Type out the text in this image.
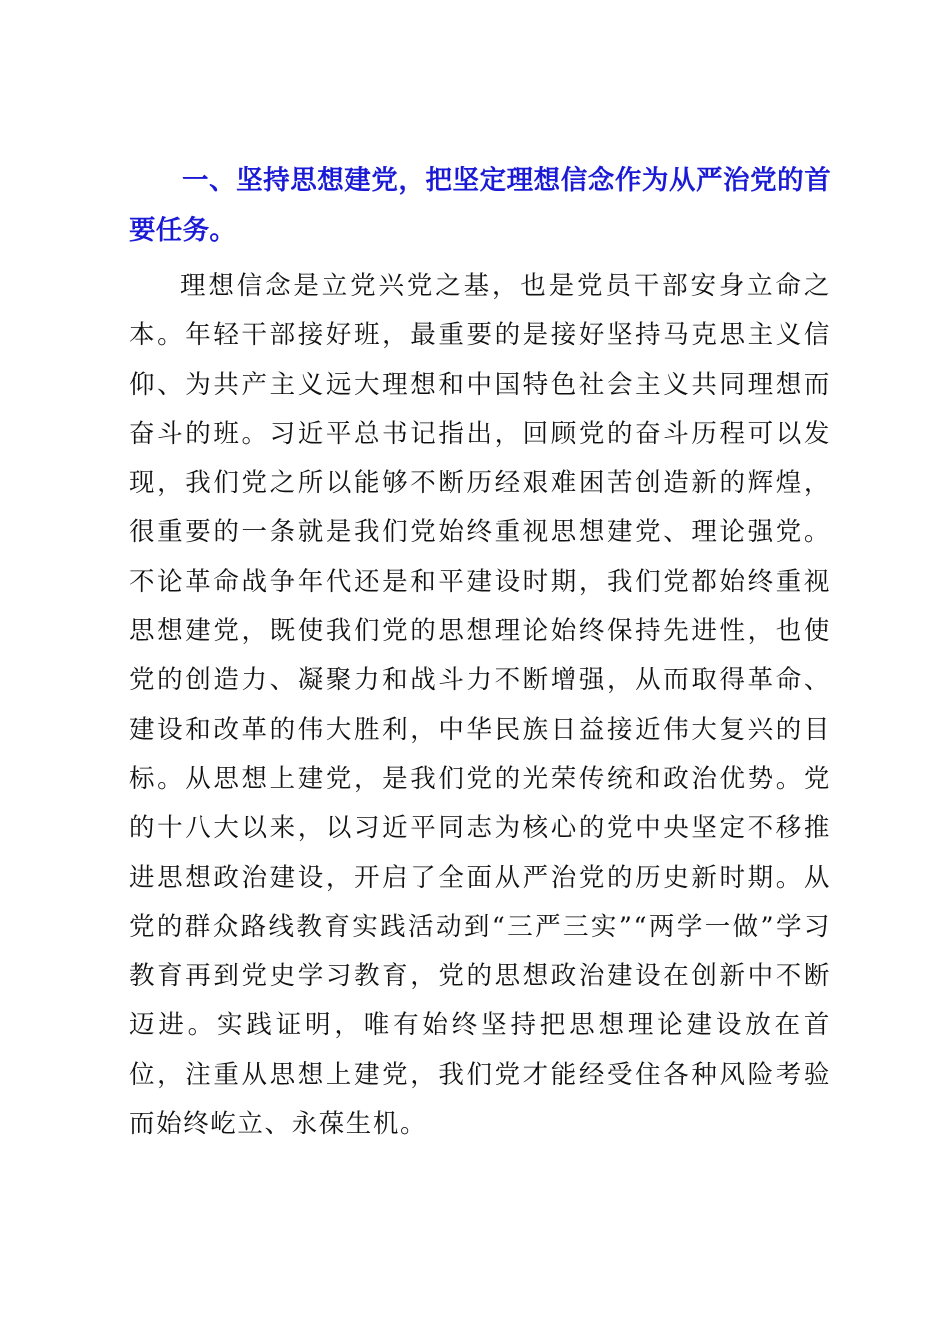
一、坚持思想建党，把坚定理想信念作为从严治党的首要任务。

理想信念是立党兴党之基，也是党员干部安身立命之本。年轻干部接好班，最重要的是接好坚持马克思主义信仰、为共产主义远大理想和中国特色社会主义共同理想而奋斗的班。习近平总书记指出，回顾党的奋斗历程可以发现，我们党之所以能够不断历经艰难困苦创造新的辉煌，很重要的一条就是我们党始终重视思想建党、理论强党。不论革命战争年代还是和平建设时期，我们党都始终重视思想建党，既使我们党的思想理论始终保持先进性，也使党的创造力、凝聚力和战斗力不断增强，从而取得革命、建设和改革的伟大胜利，中华民族日益接近伟大复兴的目标。从思想上建党，是我们党的光荣传统和政治优势。党的十八大以来，以习近平同志为核心的党中央坚定不移推进思想政治建设，开启了全面从严治党的历史新时期。从党的群众路线教育实践活动到“三严三实”“两学一做”学习教育再到党史学习教育，党的思想政治建设在创新中不断迈进。实践证明，唯有始终坚持把思想理论建设放在首位，注重从思想上建党，我们党才能经受住各种风险考验而始终屹立、永葆生机。
